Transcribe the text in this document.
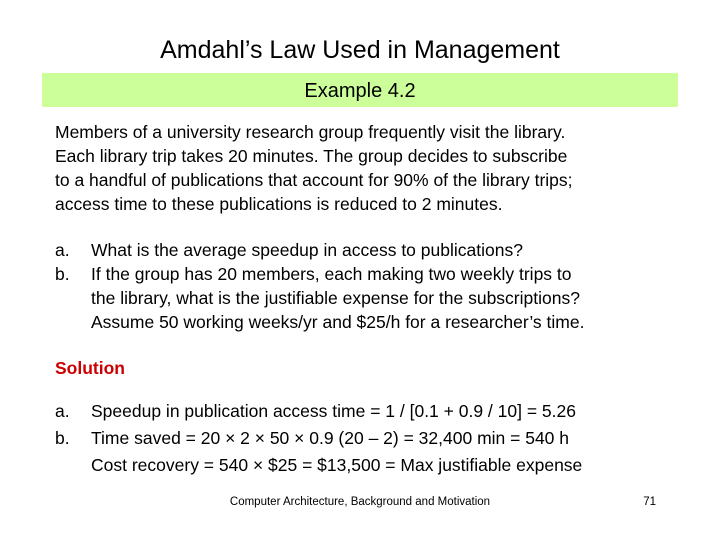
Amdahl’s Law Used in Management
Example 4.2

Members of a university research group frequently visit the library.

Each library trip takes 20 minutes. The group decides to subscribe

to a handful of publications that account for 90% of the library trips;

access time to these publications is reduced to 2 minutes.

a.	What is the average speedup in access to publications?
b.	If the group has 20 members, each making two weekly trips to
the library, what is the justifiable expense for the subscriptions?
Assume 50 working weeks/yr and $25/h for a researcher’s time.
Solution
a.	Speedup in publication access time = 1 / [0.1 + 0.9 / 10] = 5.26
b.	Time saved = 20 × 2 × 50 × 0.9 (20 – 2) = 32,400 min = 540 h
Cost recovery = 540 × $25 = $13,500 = Max justifiable expense
Computer Architecture, Background and Motivation	71
